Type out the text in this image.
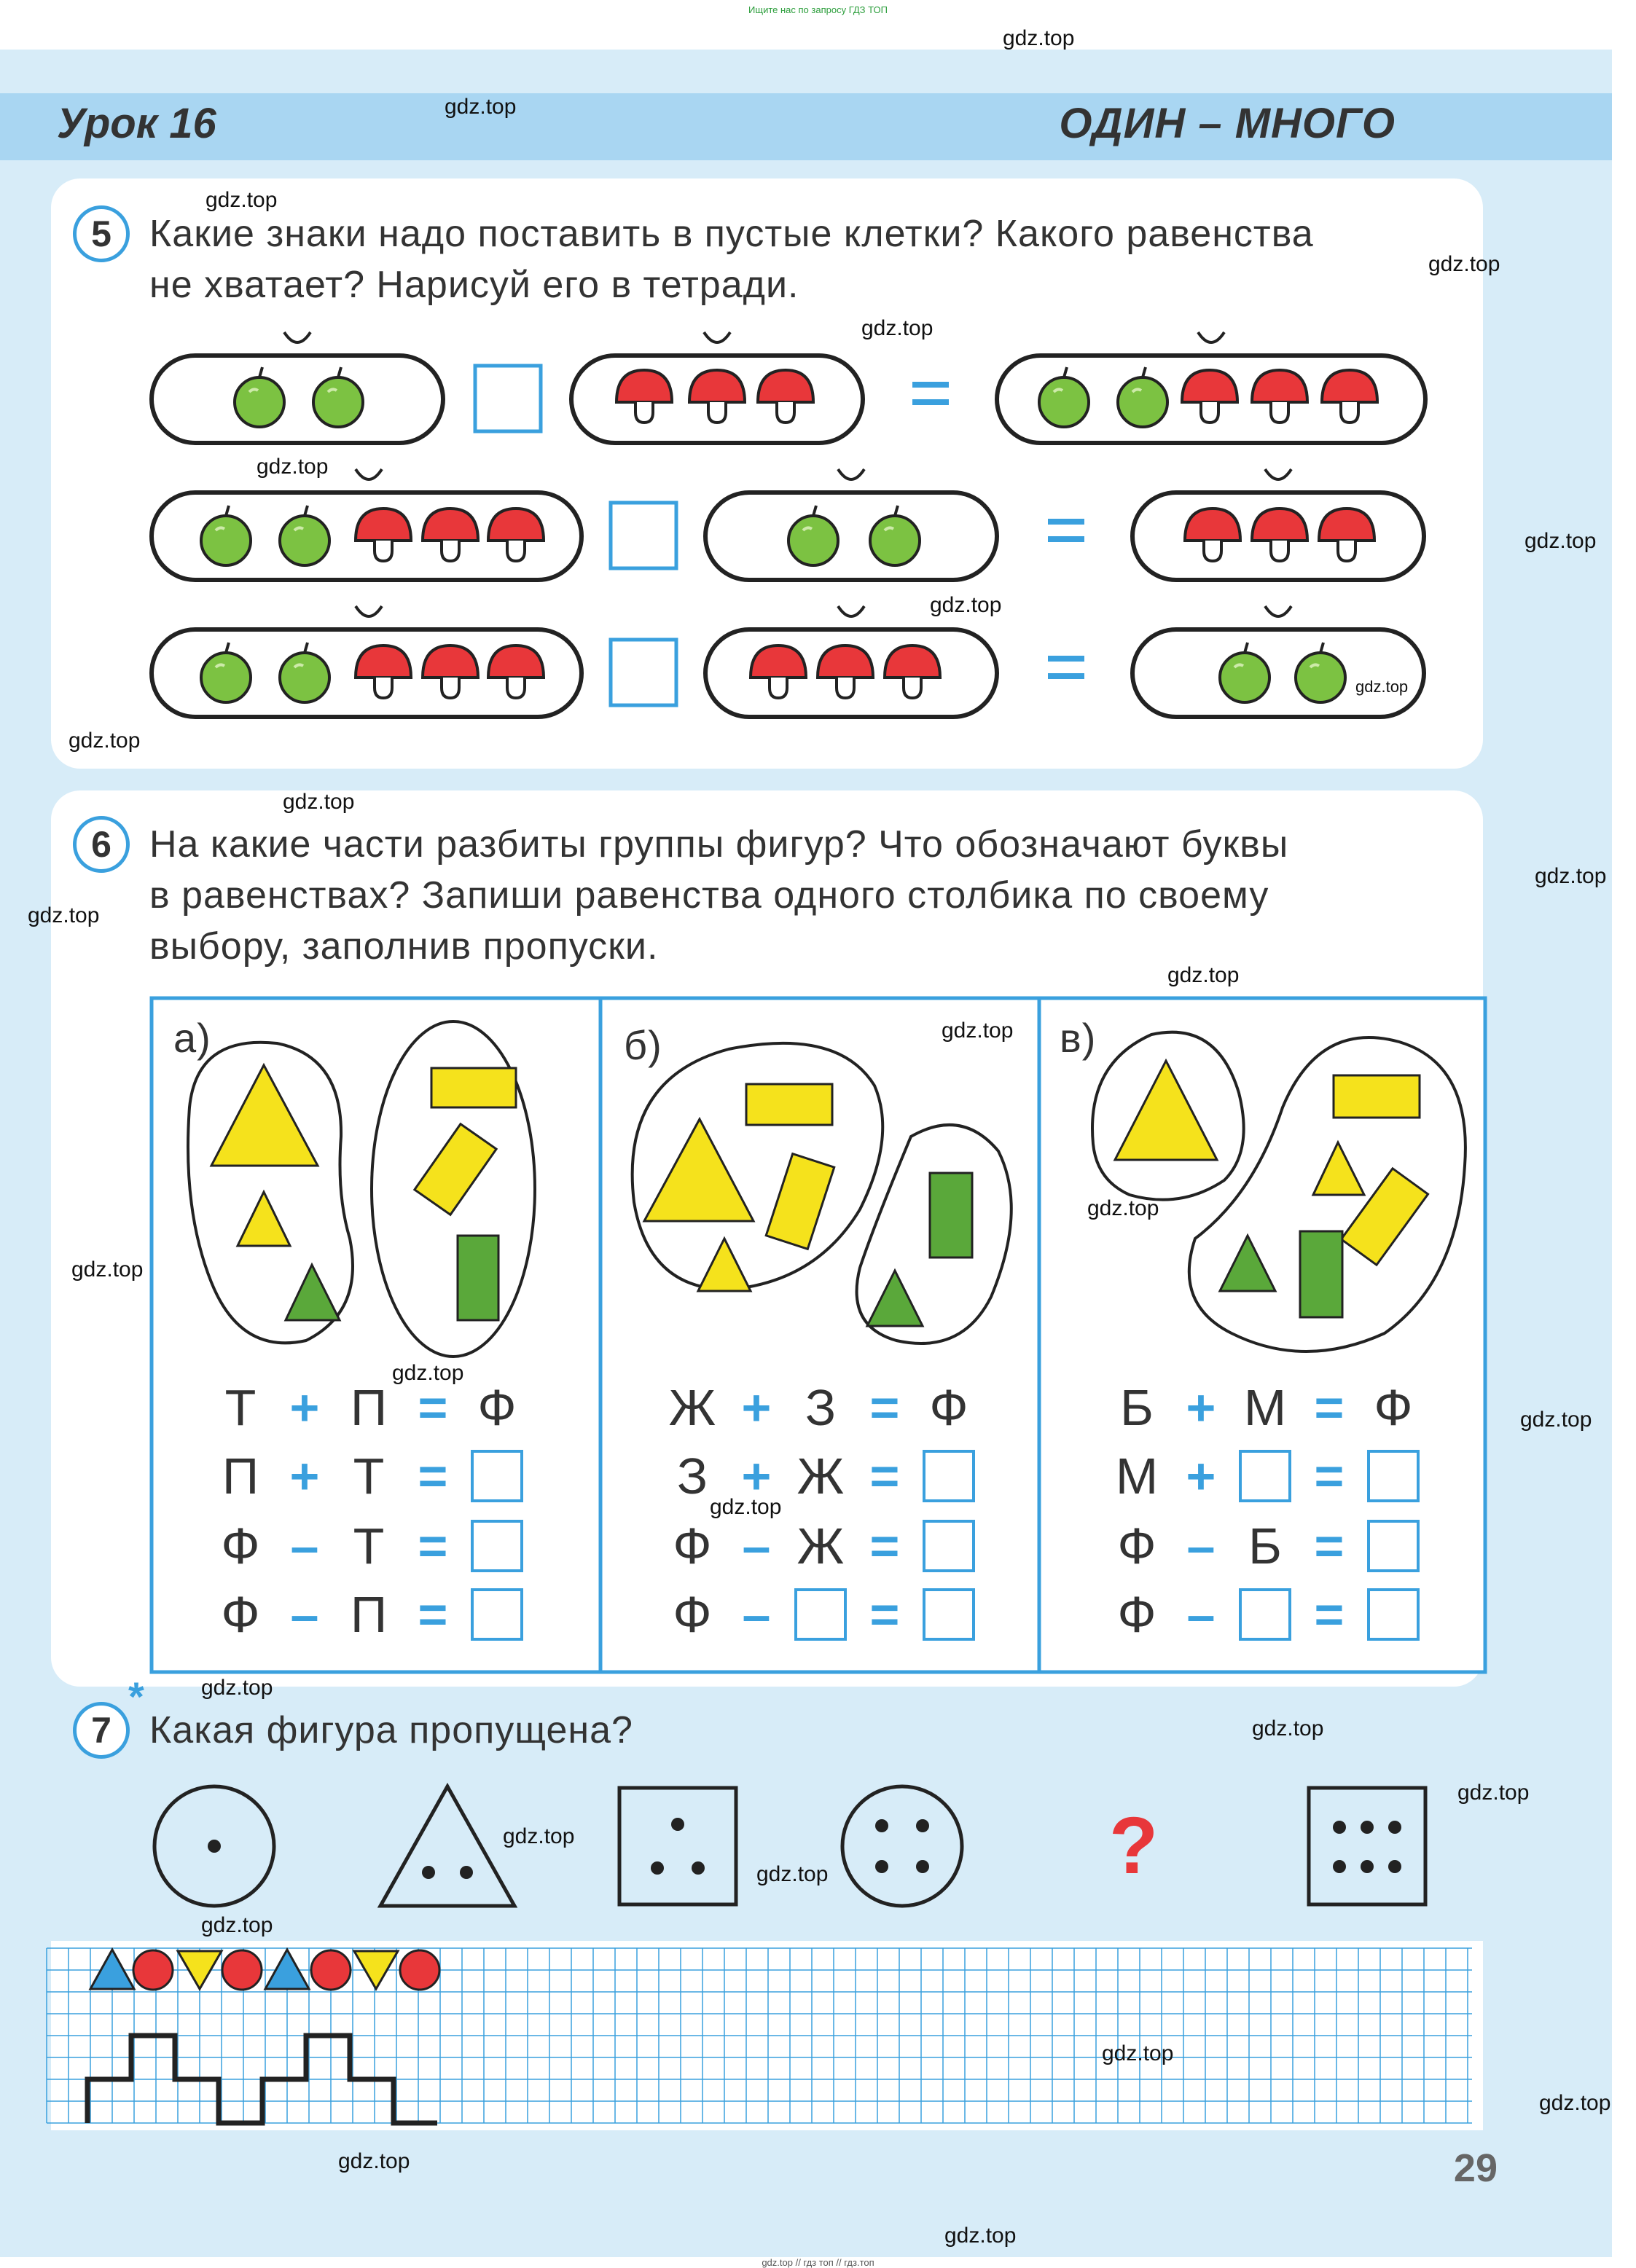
Ищите нас по запросу ГДЗ ТОП
Урок 16	ОДИН – МНОГО
5	Какие знаки надо поставить в пустые клетки? Какого равенства
не хватает? Нарисуй его в тетради.
6	На какие части разбиты группы фигур? Что обозначают буквы
в равенствах? Запиши равенства одного столбика по своему
выбору, заполнив пропуски.
а)	б)	в)
Т + П = Ф
П + Т =
Ф – Т =
Ф – П =
Ж + З = Ф
З + Ж =
Ф – Ж =
Ф – =
Б + М = Ф
М + =
Ф – Б =
Ф – =
7
*
Какая фигура пропущена?
?
29
gdz.top
gdz.top
gdz.top
gdz.top
gdz.top
gdz.top
gdz.top
gdz.top
gdz.top
gdz.top
gdz.top
gdz.top
gdz.top
gdz.top
gdz.top
gdz.top
gdz.top
gdz.top
gdz.top
gdz.top
gdz.top
gdz.top
gdz.top
gdz.top
gdz.top
gdz.top
gdz.top
gdz.top
gdz.top
gdz.top
gdz.top // гдз топ // гдз.топ
